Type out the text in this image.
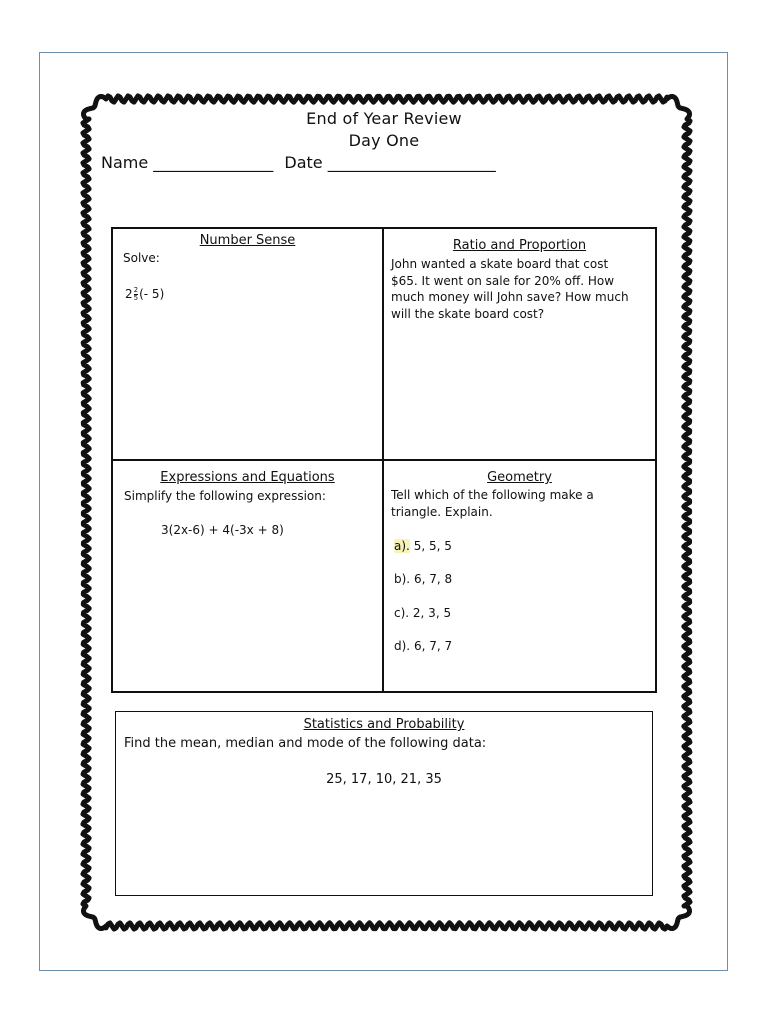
End of Year Review
Day One
Name _______________ Date _____________________
Number Sense
Solve:
$2 \frac{2}{5}$ (- 5)
Ratio and Proportion
John wanted a skate board that cost
$65. It went on sale for 20% off. How
much money will John save? How much
will the skate board cost?
Expressions and Equations
Simplify the following expression:
3(2x-6) + 4(-3x + 8)
Geometry
Tell which of the following make a
triangle. Explain.
a). 5, 5, 5
b). 6, 7, 8
c). 2, 3, 5
d). 6, 7, 7
Statistics and Probability
Find the mean, median and mode of the following data:
25, 17, 10, 21, 35
